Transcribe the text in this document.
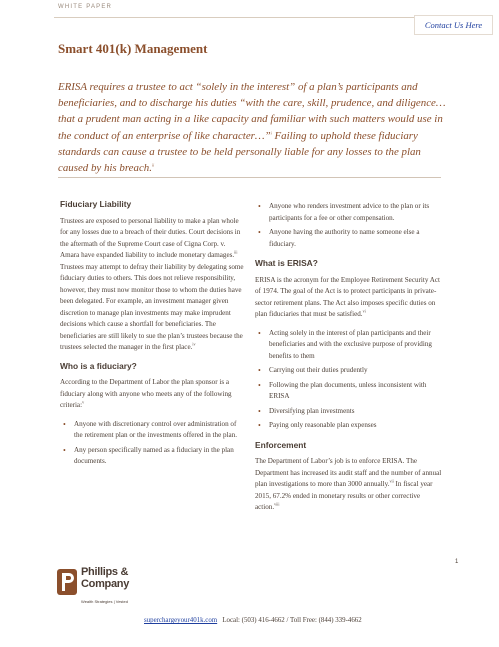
WHITE PAPER
Contact Us Here
Smart 401(k) Management
ERISA requires a trustee to act “solely in the interest” of a plan’s participants and beneficiaries, and to discharge his duties “with the care, skill, prudence, and diligence…that a prudent man acting in a like capacity and familiar with such matters would use in the conduct of an enterprise of like character…”$^i$ Failing to uphold these fiduciary standards can cause a trustee to be held personally liable for any losses to the plan caused by his breach.$^{ii}$
Fiduciary Liability

Trustees are exposed to personal liability to make a plan whole for any losses due to a breach of their duties. Court decisions in the aftermath of the Supreme Court case of Cigna Corp. v. Amara have expanded liability to include monetary damages.$^{iii}$ Trustees may attempt to defray their liability by delegating some fiduciary duties to others. This does not relieve responsibility, however, they must now monitor those to whom the duties have been delegated. For example, an investment manager given discretion to manage plan investments may make imprudent decisions which cause a shortfall for beneficiaries. The beneficiaries are still likely to sue the plan’s trustees because the trustees selected the manager in the first place.$^{iv}$

Who is a fiduciary?

According to the Department of Labor the plan sponsor is a fiduciary along with anyone who meets any of the following criteria:$^v$

• Anyone with discretionary control over administration of the retirement plan or the investments offered in the plan.
• Any person specifically named as a fiduciary in the plan documents.
• Anyone who renders investment advice to the plan or its participants for a fee or other compensation.
• Anyone having the authority to name someone else a fiduciary.
What is ERISA?

ERISA is the acronym for the Employee Retirement Security Act of 1974. The goal of the Act is to protect participants in private-sector retirement plans. The Act also imposes specific duties on plan fiduciaries that must be satisfied.$^{vi}$

• Acting solely in the interest of plan participants and their beneficiaries and with the exclusive purpose of providing benefits to them
• Carrying out their duties prudently
• Following the plan documents, unless inconsistent with ERISA
• Diversifying plan investments
• Paying only reasonable plan expenses
Enforcement

The Department of Labor’s job is to enforce ERISA. The Department has increased its audit staff and the number of annual plan investigations to more than 3000 annually.$^{vii}$ In fiscal year 2015, 67.2% ended in monetary results or other corrective action.$^{viii}$

1
Phillips &
Company
Wealth Strategies | Vested
superchargeyour401k.com Local: (503) 416-4662 / Toll Free: (844) 339-4662
